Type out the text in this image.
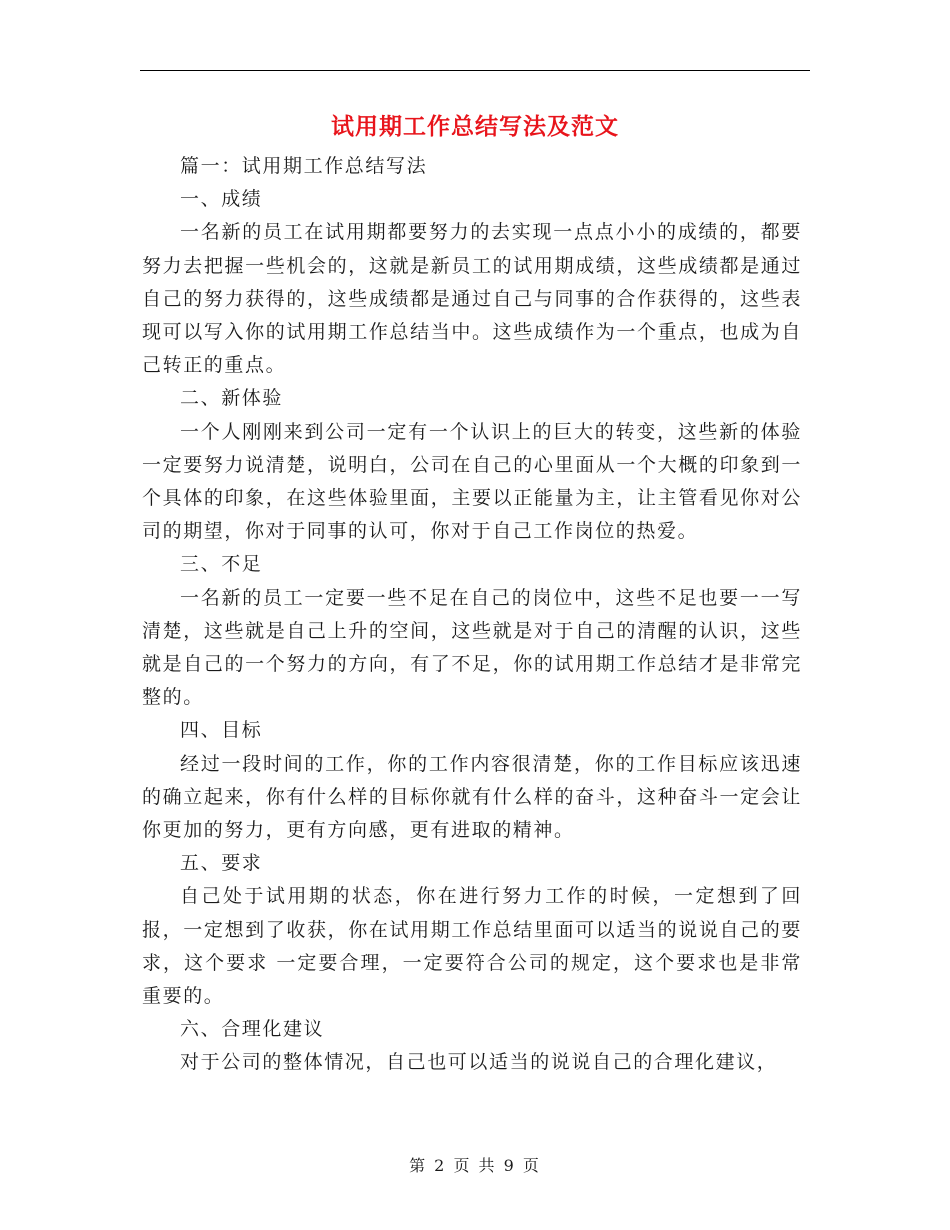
试用期工作总结写法及范文

篇一：试用期工作总结写法

一、成绩

一名新的员工在试用期都要努力的去实现一点点小小的成绩的，都要努力去把握一些机会的，这就是新员工的试用期成绩，这些成绩都是通过自己的努力获得的，这些成绩都是通过自己与同事的合作获得的，这些表现可以写入你的试用期工作总结当中。这些成绩作为一个重点，也成为自己转正的重点。

二、新体验

一个人刚刚来到公司一定有一个认识上的巨大的转变，这些新的体验一定要努力说清楚，说明白，公司在自己的心里面从一个大概的印象到一个具体的印象，在这些体验里面，主要以正能量为主，让主管看见你对公司的期望，你对于同事的认可，你对于自己工作岗位的热爱。

三、不足

一名新的员工一定要一些不足在自己的岗位中，这些不足也要一一写清楚，这些就是自己上升的空间，这些就是对于自己的清醒的认识，这些就是自己的一个努力的方向，有了不足，你的试用期工作总结才是非常完整的。

四、目标

经过一段时间的工作，你的工作内容很清楚，你的工作目标应该迅速的确立起来，你有什么样的目标你就有什么样的奋斗，这种奋斗一定会让你更加的努力，更有方向感，更有进取的精神。

五、要求

自己处于试用期的状态，你在进行努力工作的时候，一定想到了回报，一定想到了收获，你在试用期工作总结里面可以适当的说说自己的要求，这个要求 一定要合理，一定要符合公司的规定，这个要求也是非常重要的。

六、合理化建议

对于公司的整体情况，自己也可以适当的说说自己的合理化建议，

第 2 页 共 9 页
